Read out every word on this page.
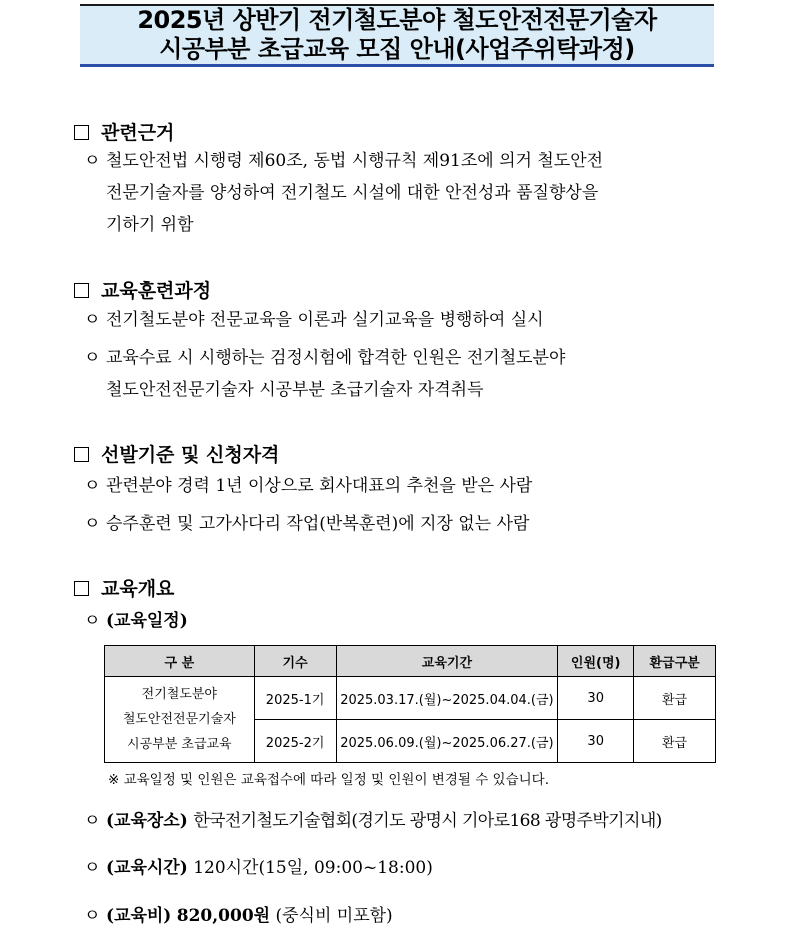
2025년 상반기 전기철도분야 철도안전전문기술자
시공부분 초급교육 모집 안내(사업주위탁과정)
관련근거
ㅇ 철도안전법 시행령 제60조, 동법 시행규칙 제91조에 의거 철도안전
전문기술자를 양성하여 전기철도 시설에 대한 안전성과 품질향상을
기하기 위함
교육훈련과정
ㅇ 전기철도분야 전문교육을 이론과 실기교육을 병행하여 실시
ㅇ 교육수료 시 시행하는 검정시험에 합격한 인원은 전기철도분야
철도안전전문기술자 시공부분 초급기술자 자격취득
선발기준 및 신청자격
ㅇ 관련분야 경력 1년 이상으로 회사대표의 추천을 받은 사람
ㅇ 승주훈련 및 고가사다리 작업(반복훈련)에 지장 없는 사람
교육개요
ㅇ (교육일정)
구 분	기수	교육기간	인원(명)	환급구분

전기철도분야
철도안전전문기술자
시공부분 초급교육	2025-1기	2025.03.17.(월)~2025.04.04.(금)	30	환급
	2025-2기	2025.06.09.(월)~2025.06.27.(금)	30	환급
※ 교육일정 및 인원은 교육접수에 따라 일정 및 인원이 변경될 수 있습니다.
ㅇ (교육장소) 한국전기철도기술협회(경기도 광명시 기아로168 광명주박기지내)
ㅇ (교육시간) 120시간(15일, 09:00~18:00)
ㅇ (교육비) 820,000원 (중식비 미포함)
